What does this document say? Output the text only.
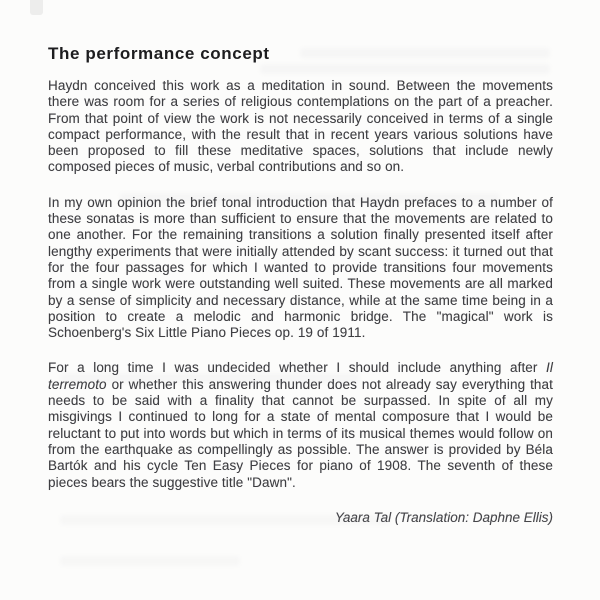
The performance concept

Haydn conceived this work as a meditation in sound. Between the movements there was room for a series of religious contemplations on the part of a preacher. From that point of view the work is not necessarily conceived in terms of a single compact performance, with the result that in recent years various solutions have been proposed to fill these meditative spaces, solutions that include newly composed pieces of music, verbal contributions and so on.

In my own opinion the brief tonal introduction that Haydn prefaces to a number of these sonatas is more than sufficient to ensure that the movements are related to one another. For the remaining transitions a solution finally presented itself after lengthy experiments that were initially attended by scant success: it turned out that for the four passages for which I wanted to provide transitions four movements from a single work were outstanding well suited. These movements are all marked by a sense of simplicity and necessary distance, while at the same time being in a position to create a melodic and harmonic bridge. The "magical" work is Schoenberg's Six Little Piano Pieces op. 19 of 1911.

For a long time I was undecided whether I should include anything after Il terremoto or whether this answering thunder does not already say everything that needs to be said with a finality that cannot be surpassed. In spite of all my misgivings I continued to long for a state of mental composure that I would be reluctant to put into words but which in terms of its musical themes would follow on from the earthquake as compellingly as possible. The answer is provided by Béla Bartók and his cycle Ten Easy Pieces for piano of 1908. The seventh of these pieces bears the suggestive title "Dawn".

Yaara Tal (Translation: Daphne Ellis)
